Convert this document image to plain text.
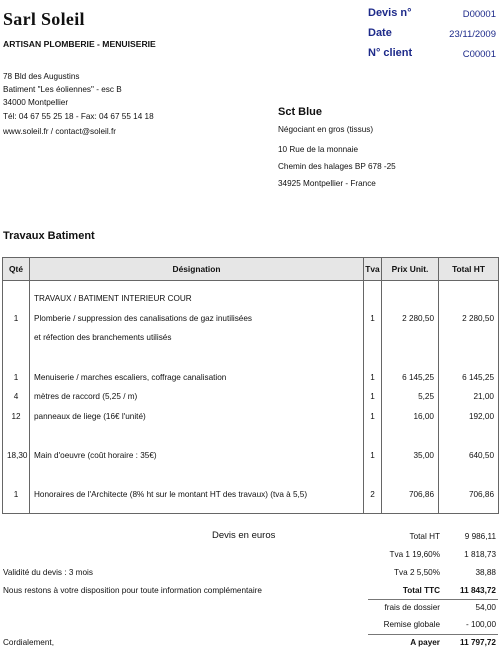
Sarl Soleil
ARTISAN PLOMBERIE - MENUISERIE
78 Bld des Augustins
Batiment "Les éoliennes" - esc B
34000 Montpellier
Tél: 04 67 55 25 18 - Fax: 04 67 55 14 18
www.soleil.fr / contact@soleil.fr
Devis n°	D00001
Date	23/11/2009
N° client	C00001
Sct Blue
Négociant en gros (tissus)
10 Rue de la monnaie
Chemin des halages BP 678 -25
34925 Montpellier - France
Travaux Batiment
Qté	Désignation	Tva	Prix Unit.	Total HT

	TRAVAUX / BATIMENT INTERIEUR COUR			
1	Plomberie / suppression des canalisations de gaz inutilisées	1	2 280,50	2 280,50
	et réfection des branchements utilisés			

1	Menuiserie / marches escaliers, coffrage canalisation	1	6 145,25	6 145,25
4	mètres de raccord (5,25 / m)	1	5,25	21,00
12	panneaux de liege (16€ l'unité)	1	16,00	192,00

18,30	Main d'oeuvre (coût horaire : 35€)	1	35,00	640,50

1	Honoraires de l'Architecte (8% ht sur le montant HT des travaux) (tva à 5,5)	2	706,86	706,86

Devis en euros
Validité du devis : 3 mois
Nous restons à votre disposition pour toute information complémentaire
Cordialement,
Total HT	9 986,11
Tva 1 19,60%	1 818,73
Tva 2 5,50%	38,88
Total TTC 11 843,72
frais de dossier	54,00
Remise globale	- 100,00
A payer 11 797,72
